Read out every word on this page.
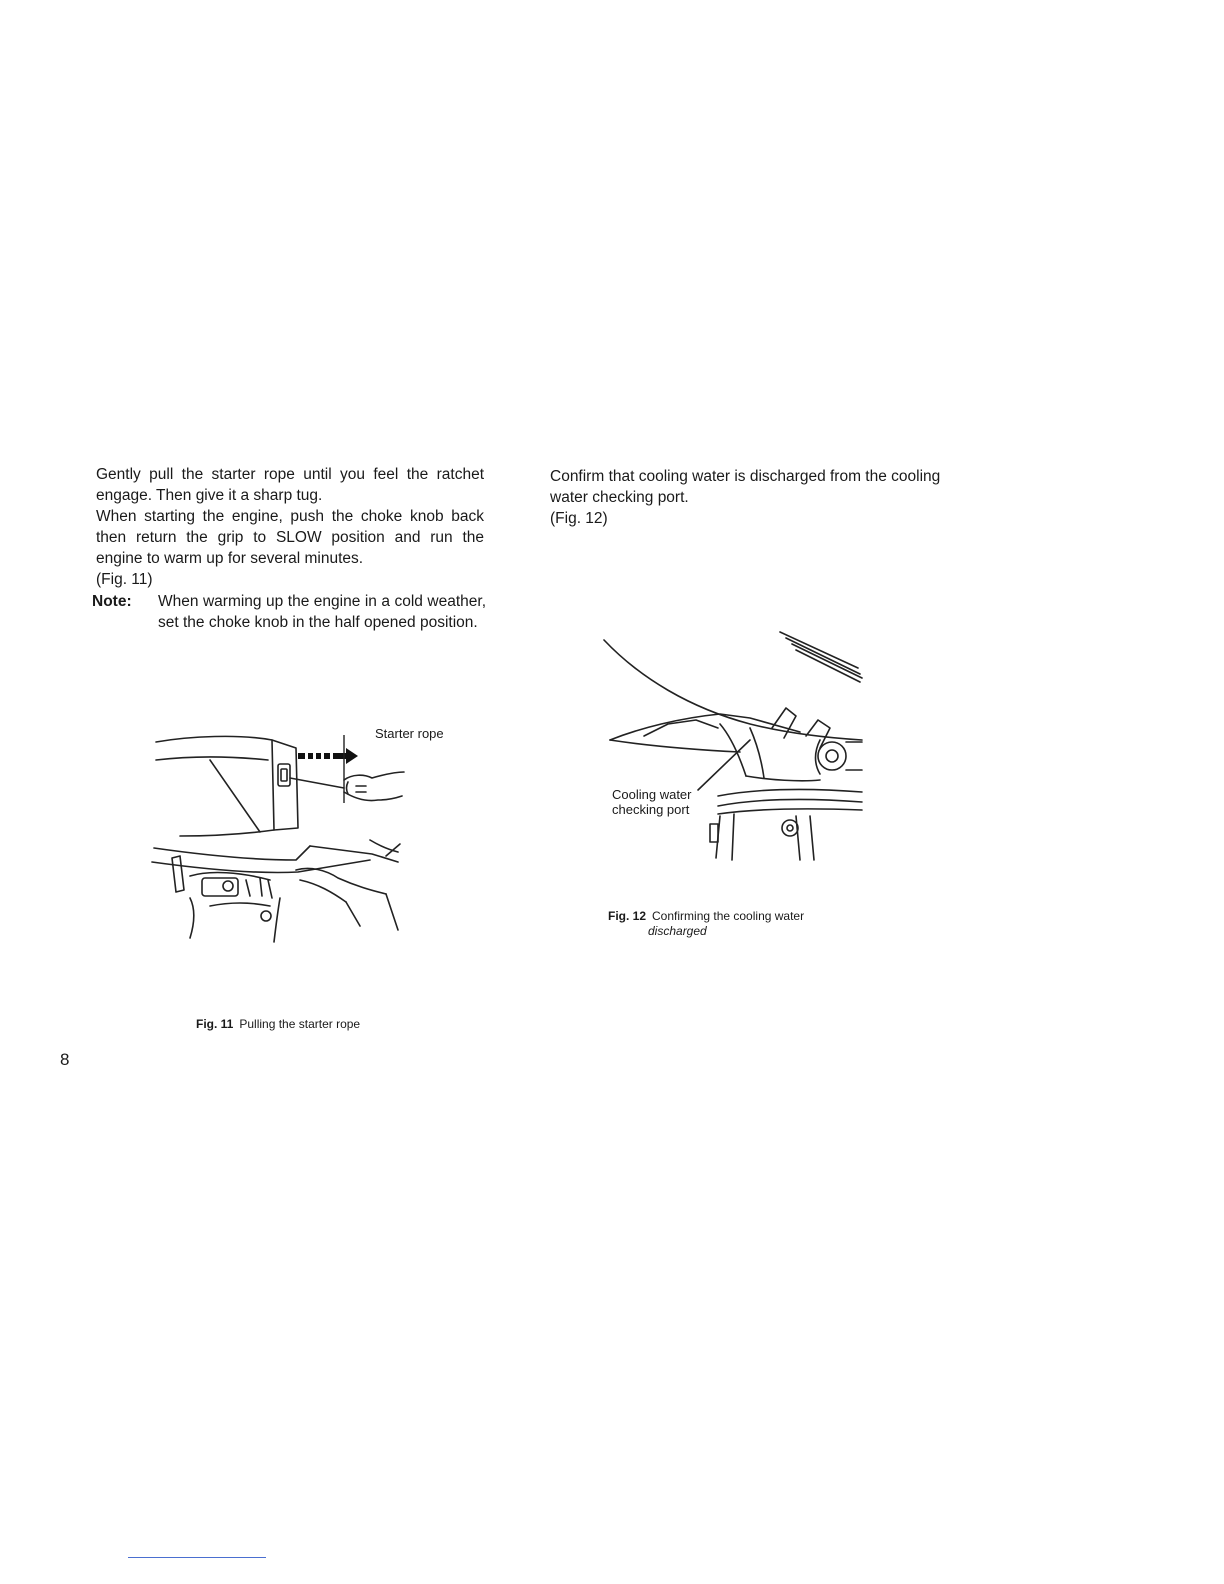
Gently pull the starter rope until you feel the ratchet engage. Then give it a sharp tug.

When starting the engine, push the choke knob back then return the grip to SLOW position and run the engine to warm up for several minutes.

(Fig. 11)

Note: When warming up the engine in a cold weather, set the choke knob in the half opened position.

Confirm that cooling water is discharged from the cooling water checking port.

(Fig. 12)

Starter rope
Fig. 11 Pulling the starter rope
Cooling water
checking port
Fig. 12 Confirming the cooling water
discharged
8
